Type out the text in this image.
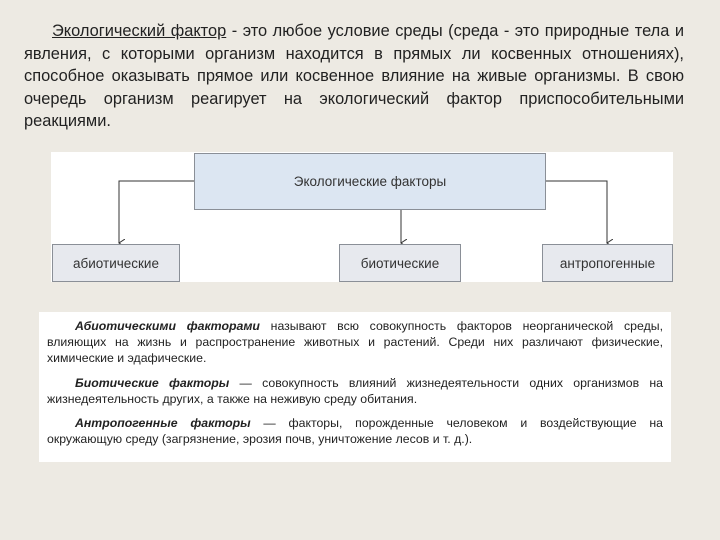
Экологический фактор - это любое условие среды (среда - это природные тела и явления, с которыми организм находится в прямых ли косвенных отношениях), способное оказывать прямое или косвенное влияние на живые организмы. В свою очередь организм реагирует на экологический фактор приспособительными реакциями.

Экологические факторы
абиотические	биотические	антропогенные

Абиотическими факторами называют всю совокупность факторов неорганической среды, влияющих на жизнь и распространение животных и растений. Среди них различают физические, химические и эдафические.

Биотические факторы — совокупность влияний жизнедеятельности одних организмов на жизнедеятельность других, а также на неживую среду обитания.

Антропогенные факторы — факторы, порожденные человеком и воздействующие на окружающую среду (загрязнение, эрозия почв, уничтожение лесов и т. д.).
